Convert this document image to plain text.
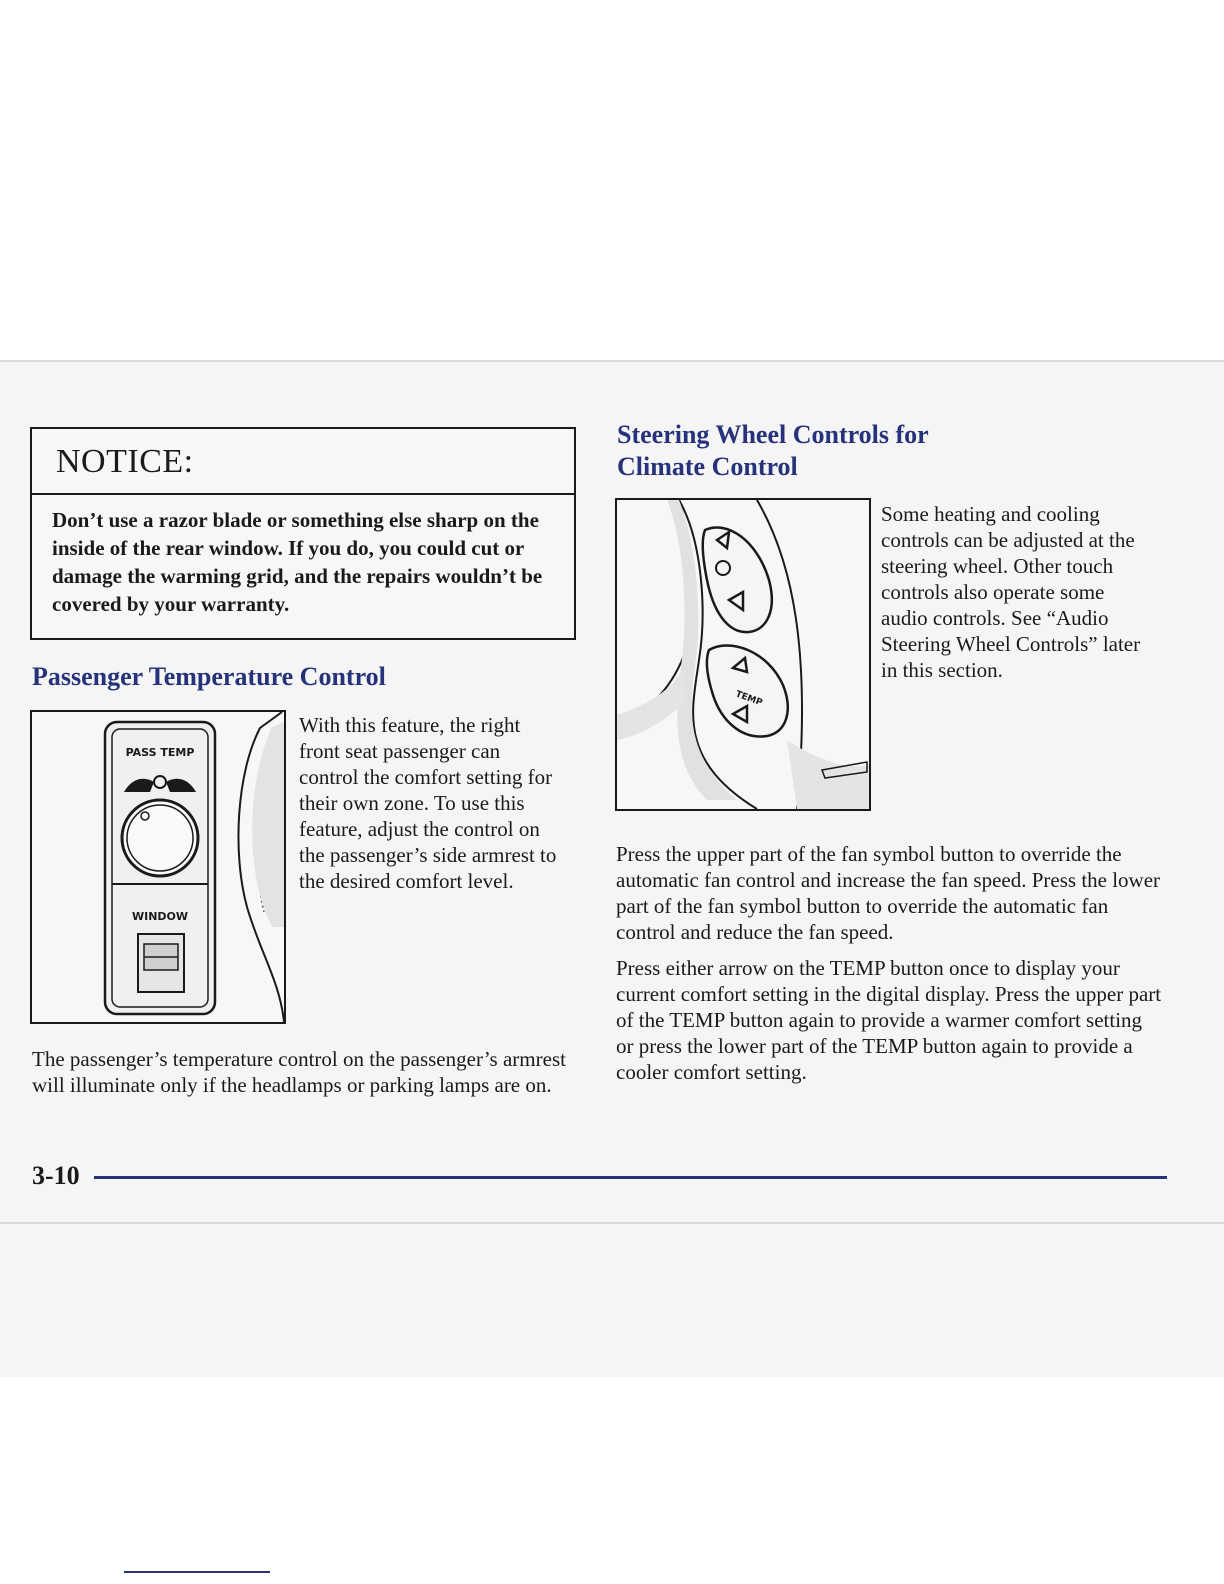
NOTICE:
Don’t use a razor blade or something else sharp on the inside of the rear window. If you do, you could cut or damage the warming grid, and the repairs wouldn’t be covered by your warranty.
Passenger Temperature Control
PASS TEMP
WINDOW
With this feature, the right front seat passenger can control the comfort setting for their own zone. To use this feature, adjust the control on the passenger’s side armrest to the desired comfort level.
The passenger’s temperature control on the passenger’s armrest will illuminate only if the headlamps or parking lamps are on.
Steering Wheel Controls for
Climate Control
TEMP
Some heating and cooling controls can be adjusted at the steering wheel. Other touch controls also operate some audio controls. See “Audio Steering Wheel Controls” later in this section.
Press the upper part of the fan symbol button to override the automatic fan control and increase the fan speed. Press the lower part of the fan symbol button to override the automatic fan control and reduce the fan speed.
Press either arrow on the TEMP button once to display your current comfort setting in the digital display. Press the upper part of the TEMP button again to provide a warmer comfort setting or press the lower part of the TEMP button again to provide a cooler comfort setting.
3-10
